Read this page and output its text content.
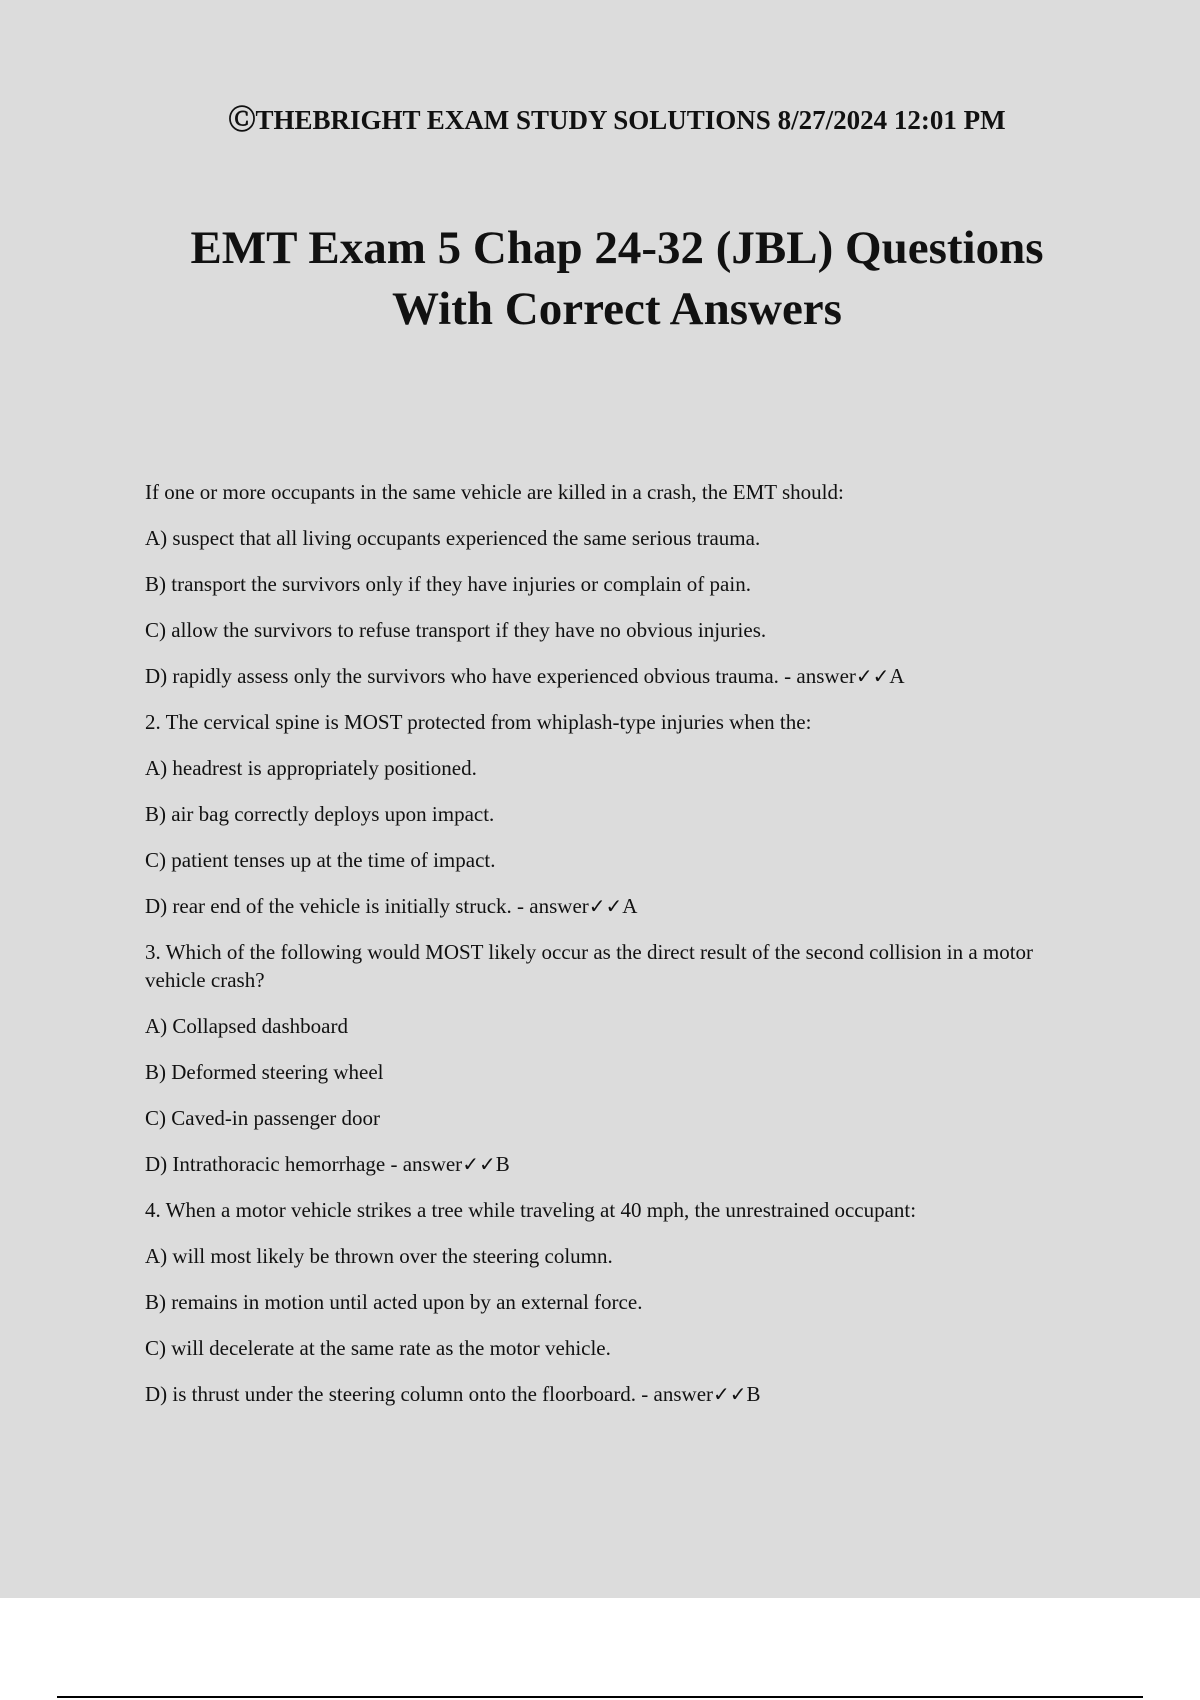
ⒸTHEBRIGHT EXAM STUDY SOLUTIONS 8/27/2024 12:01 PM
EMT Exam 5 Chap 24-32 (JBL) Questions
With Correct Answers
If one or more occupants in the same vehicle are killed in a crash, the EMT should:
A) suspect that all living occupants experienced the same serious trauma.
B) transport the survivors only if they have injuries or complain of pain.
C) allow the survivors to refuse transport if they have no obvious injuries.
D) rapidly assess only the survivors who have experienced obvious trauma. - answer✓✓A
2. The cervical spine is MOST protected from whiplash-type injuries when the:
A) headrest is appropriately positioned.
B) air bag correctly deploys upon impact.
C) patient tenses up at the time of impact.
D) rear end of the vehicle is initially struck. - answer✓✓A
3. Which of the following would MOST likely occur as the direct result of the second collision in a motor vehicle crash?
A) Collapsed dashboard
B) Deformed steering wheel
C) Caved-in passenger door
D) Intrathoracic hemorrhage - answer✓✓B
4. When a motor vehicle strikes a tree while traveling at 40 mph, the unrestrained occupant:
A) will most likely be thrown over the steering column.
B) remains in motion until acted upon by an external force.
C) will decelerate at the same rate as the motor vehicle.
D) is thrust under the steering column onto the floorboard. - answer✓✓B
